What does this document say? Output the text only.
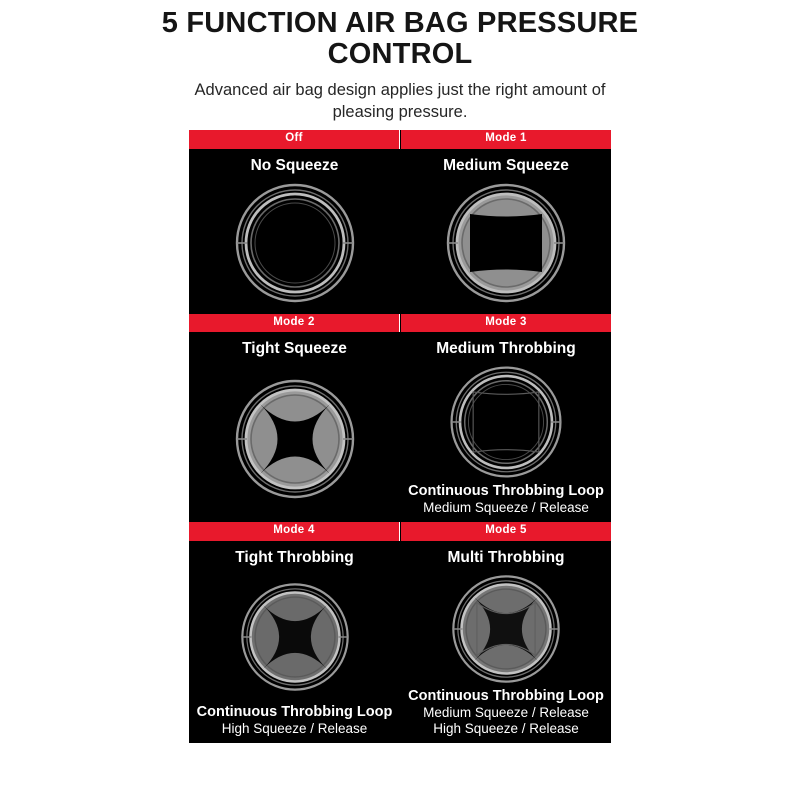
5 FUNCTION AIR BAG PRESSURE CONTROL
Advanced air bag design applies just the right amount of pleasing pressure.
Off
No Squeeze
Mode 1
Medium Squeeze
Mode 2
Tight Squeeze
Mode 3
Medium Throbbing
Continuous Throbbing Loop
Medium Squeeze / Release
Mode 4
Tight Throbbing
Continuous Throbbing Loop
High Squeeze / Release
Mode 5
Multi Throbbing
Continuous Throbbing Loop
Medium Squeeze / Release
High Squeeze / Release
